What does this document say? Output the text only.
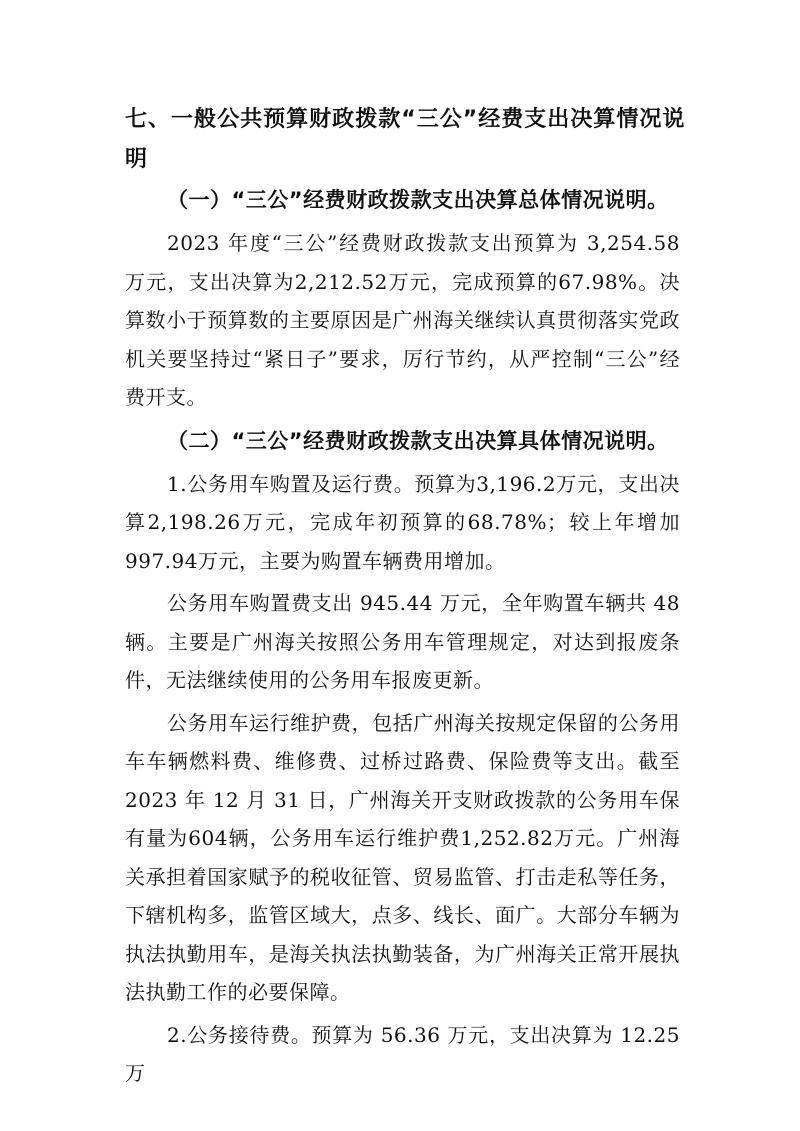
七、一般公共预算财政拨款“三公”经费支出决算情况说明
（一）“三公”经费财政拨款支出决算总体情况说明。

2023 年度“三公”经费财政拨款支出预算为 3,254.58 万元，支出决算为2,212.52万元，完成预算的67.98%。决算数小于预算数的主要原因是广州海关继续认真贯彻落实党政机关要坚持过“紧日子”要求，厉行节约，从严控制“三公”经费开支。

（二）“三公”经费财政拨款支出决算具体情况说明。

1.公务用车购置及运行费。预算为3,196.2万元，支出决算2,198.26万元，完成年初预算的68.78%；较上年增加997.94万元，主要为购置车辆费用增加。

公务用车购置费支出 945.44 万元，全年购置车辆共 48 辆。主要是广州海关按照公务用车管理规定，对达到报废条件，无法继续使用的公务用车报废更新。

公务用车运行维护费，包括广州海关按规定保留的公务用车车辆燃料费、维修费、过桥过路费、保险费等支出。截至 2023 年 12 月 31 日，广州海关开支财政拨款的公务用车保有量为604辆，公务用车运行维护费1,252.82万元。广州海关承担着国家赋予的税收征管、贸易监管、打击走私等任务，下辖机构多，监管区域大，点多、线长、面广。大部分车辆为执法执勤用车，是海关执法执勤装备，为广州海关正常开展执法执勤工作的必要保障。

2.公务接待费。预算为 56.36 万元，支出决算为 12.25 万
